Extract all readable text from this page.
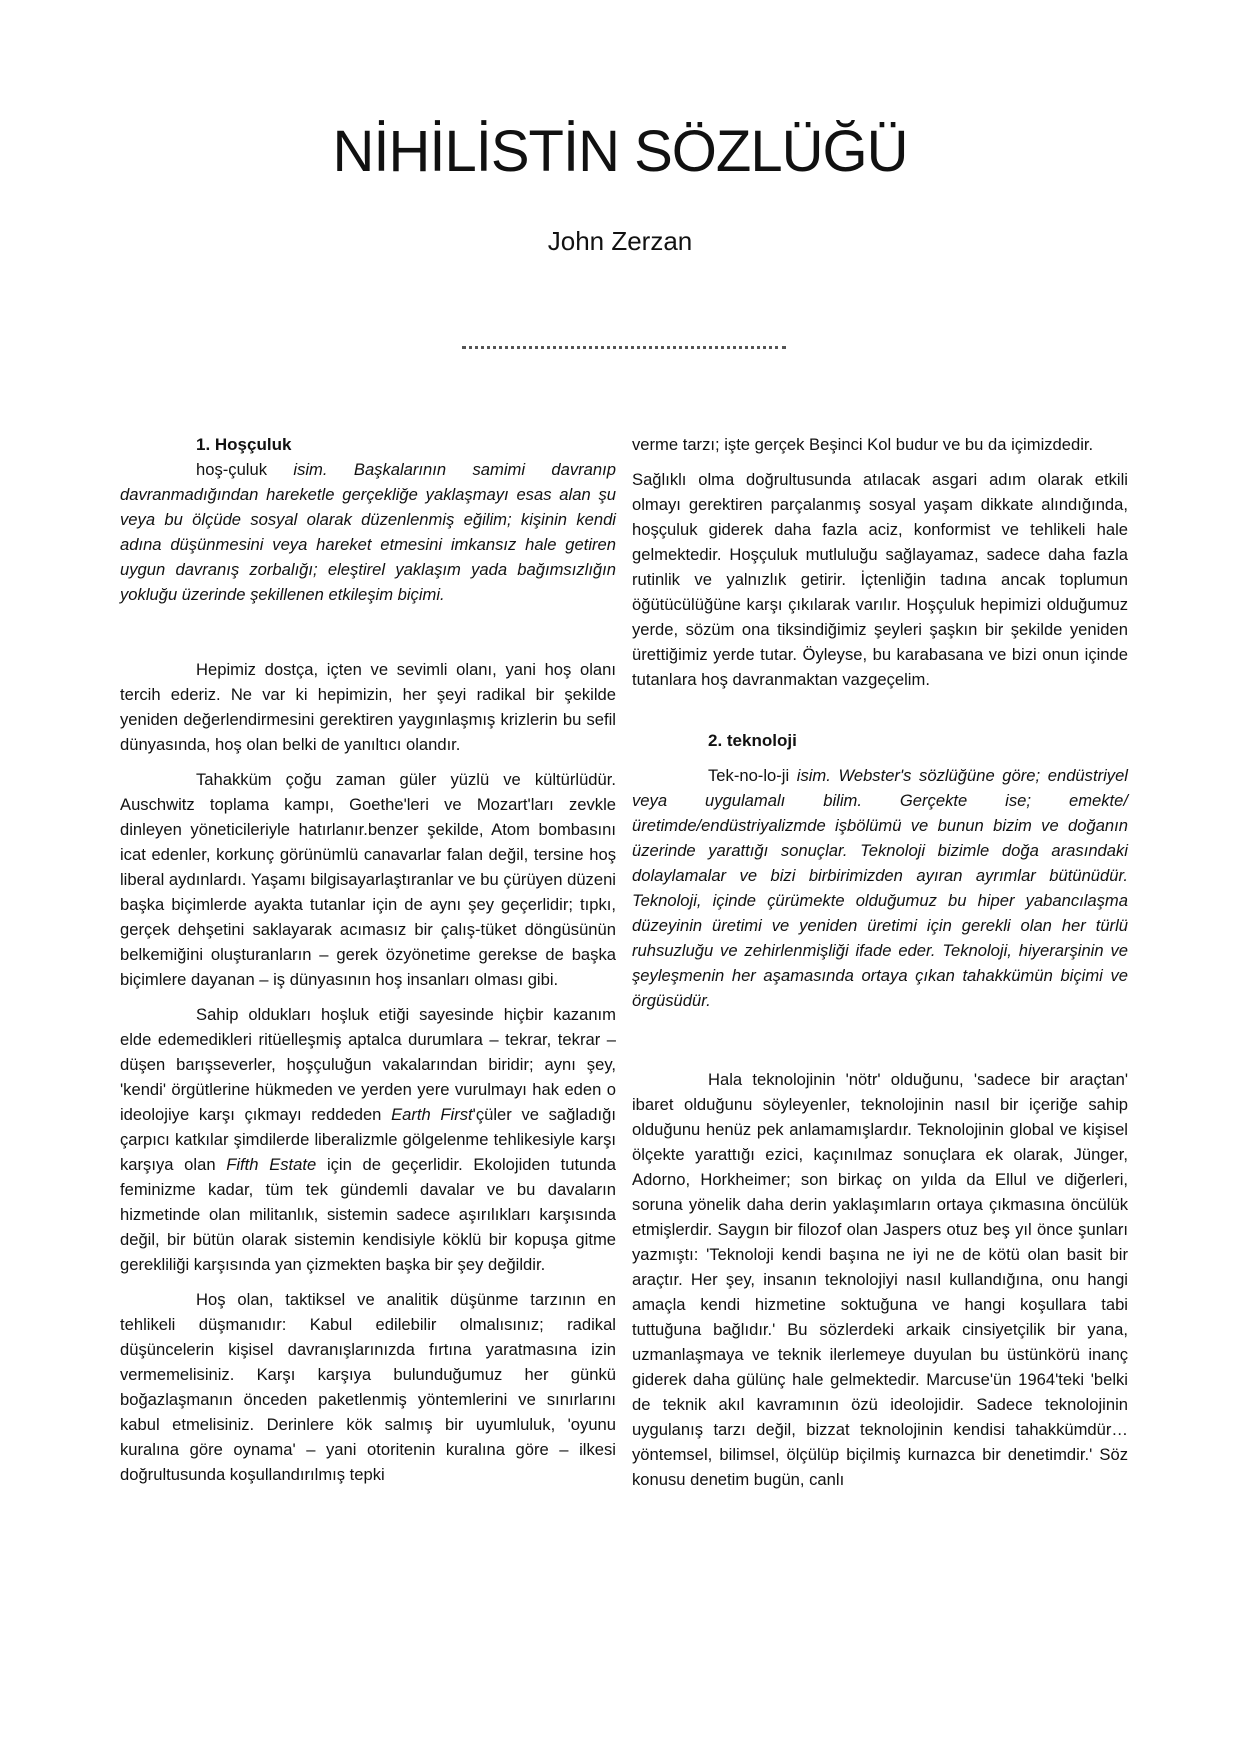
NİHİLİSTİN SÖZLÜĞÜ
John Zerzan
1. Hoşçuluk

hoş-çuluk isim. Başkalarının samimi davranıp davranmadığından hareketle gerçekliğe yaklaşmayı esas alan şu veya bu ölçüde sosyal olarak düzenlenmiş eğilim; kişinin kendi adına düşünmesini veya hareket etmesini imkansız hale getiren uygun davranış zorbalığı; eleştirel yaklaşım yada bağımsızlığın yokluğu üzerinde şekillenen etkileşim biçimi.

Hepimiz dostça, içten ve sevimli olanı, yani hoş olanı tercih ederiz. Ne var ki hepimizin, her şeyi radikal bir şekilde yeniden değerlendirmesini gerektiren yaygınlaşmış krizlerin bu sefil dünyasında, hoş olan belki de yanıltıcı olandır.

Tahakküm çoğu zaman güler yüzlü ve kültürlüdür. Auschwitz toplama kampı, Goethe'leri ve Mozart'ları zevkle dinleyen yöneticileriyle hatırlanır.benzer şekilde, Atom bombasını icat edenler, korkunç görünümlü canavarlar falan değil, tersine hoş liberal aydınlardı. Yaşamı bilgisayarlaştıranlar ve bu çürüyen düzeni başka biçimlerde ayakta tutanlar için de aynı şey geçerlidir; tıpkı, gerçek dehşetini saklayarak acımasız bir çalış-tüket döngüsünün belkemiğini oluşturanların – gerek özyönetime gerekse de başka biçimlere dayanan – iş dünyasının hoş insanları olması gibi.

Sahip oldukları hoşluk etiği sayesinde hiçbir kazanım elde edemedikleri ritüelleşmiş aptalca durumlara – tekrar, tekrar – düşen barışseverler, hoşçuluğun vakalarından biridir; aynı şey, 'kendi' örgütlerine hükmeden ve yerden yere vurulmayı hak eden o ideolojiye karşı çıkmayı reddeden Earth First'çüler ve sağladığı çarpıcı katkılar şimdilerde liberalizmle gölgelenme tehlikesiyle karşı karşıya olan Fifth Estate için de geçerlidir. Ekolojiden tutunda feminizme kadar, tüm tek gündemli davalar ve bu davaların hizmetinde olan militanlık, sistemin sadece aşırılıkları karşısında değil, bir bütün olarak sistemin kendisiyle köklü bir kopuşa gitme gerekliliği karşısında yan çizmekten başka bir şey değildir.

Hoş olan, taktiksel ve analitik düşünme tarzının en tehlikeli düşmanıdır: Kabul edilebilir olmalısınız; radikal düşüncelerin kişisel davranışlarınızda fırtına yaratmasına izin vermemelisiniz. Karşı karşıya bulunduğumuz her günkü boğazlaşmanın önceden paketlenmiş yöntemlerini ve sınırlarını kabul etmelisiniz. Derinlere kök salmış bir uyumluluk, 'oyunu kuralına göre oynama' – yani otoritenin kuralına göre – ilkesi doğrultusunda koşullandırılmış tepki

verme tarzı; işte gerçek Beşinci Kol budur ve bu da içimizdedir.

Sağlıklı olma doğrultusunda atılacak asgari adım olarak etkili olmayı gerektiren parçalanmış sosyal yaşam dikkate alındığında, hoşçuluk giderek daha fazla aciz, konformist ve tehlikeli hale gelmektedir. Hoşçuluk mutluluğu sağlayamaz, sadece daha fazla rutinlik ve yalnızlık getirir. İçtenliğin tadına ancak toplumun öğütücülüğüne karşı çıkılarak varılır. Hoşçuluk hepimizi olduğumuz yerde, sözüm ona tiksindiğimiz şeyleri şaşkın bir şekilde yeniden ürettiğimiz yerde tutar. Öyleyse, bu karabasana ve bizi onun içinde tutanlara hoş davranmaktan vazgeçelim.

2. teknoloji

Tek-no-lo-ji isim. Webster's sözlüğüne göre; endüstriyel veya uygulamalı bilim. Gerçekte ise; emekte/üretimde/endüstriyalizmde işbölümü ve bunun bizim ve doğanın üzerinde yarattığı sonuçlar. Teknoloji bizimle doğa arasındaki dolaylamalar ve bizi birbirimizden ayıran ayrımlar bütünüdür. Teknoloji, içinde çürümekte olduğumuz bu hiper yabancılaşma düzeyinin üretimi ve yeniden üretimi için gerekli olan her türlü ruhsuzluğu ve zehirlenmişliği ifade eder. Teknoloji, hiyerarşinin ve şeyleşmenin her aşamasında ortaya çıkan tahakkümün biçimi ve örgüsüdür.

Hala teknolojinin 'nötr' olduğunu, 'sadece bir araçtan' ibaret olduğunu söyleyenler, teknolojinin nasıl bir içeriğe sahip olduğunu henüz pek anlamamışlardır. Teknolojinin global ve kişisel ölçekte yarattığı ezici, kaçınılmaz sonuçlara ek olarak, Jünger, Adorno, Horkheimer; son birkaç on yılda da Ellul ve diğerleri, soruna yönelik daha derin yaklaşımların ortaya çıkmasına öncülük etmişlerdir. Saygın bir filozof olan Jaspers otuz beş yıl önce şunları yazmıştı: 'Teknoloji kendi başına ne iyi ne de kötü olan basit bir araçtır. Her şey, insanın teknolojiyi nasıl kullandığına, onu hangi amaçla kendi hizmetine soktuğuna ve hangi koşullara tabi tuttuğuna bağlıdır.' Bu sözlerdeki arkaik cinsiyetçilik bir yana, uzmanlaşmaya ve teknik ilerlemeye duyulan bu üstünkörü inanç giderek daha gülünç hale gelmektedir. Marcuse'ün 1964'teki 'belki de teknik akıl kavramının özü ideolojidir. Sadece teknolojinin uygulanış tarzı değil, bizzat teknolojinin kendisi tahakkümdür… yöntemsel, bilimsel, ölçülüp biçilmiş kurnazca bir denetimdir.' Söz konusu denetim bugün, canlı
